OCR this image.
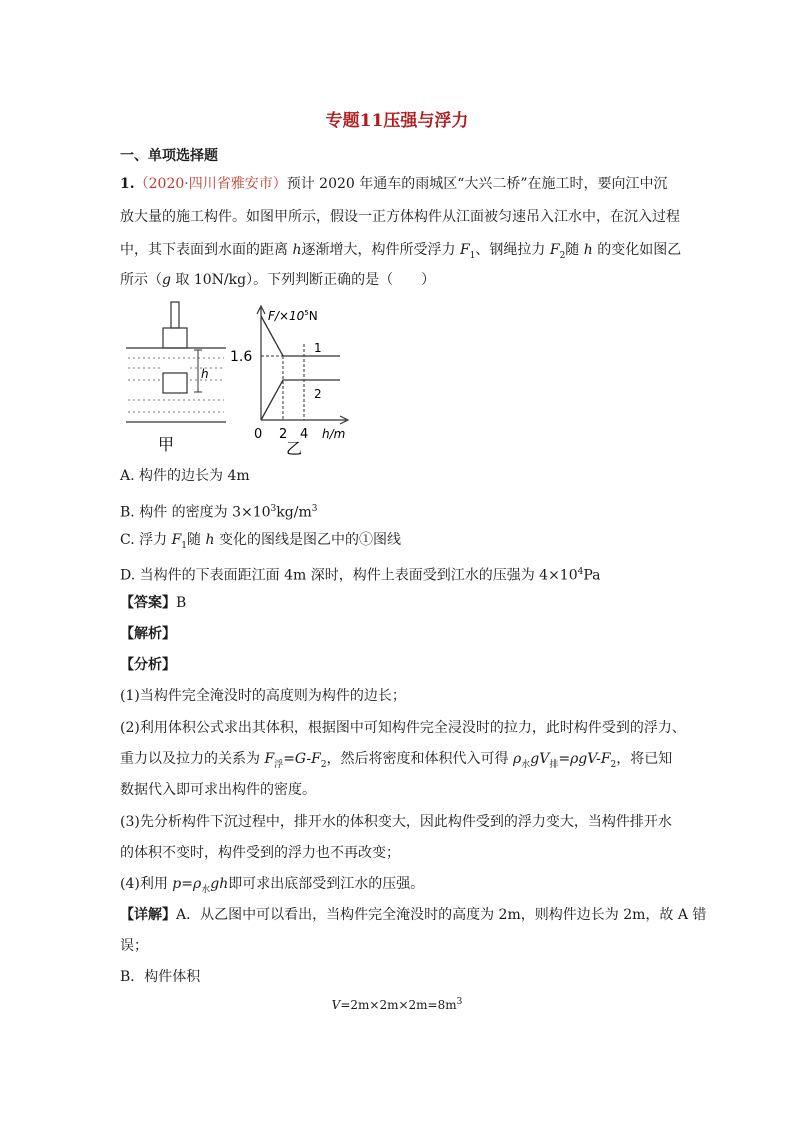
专题11压强与浮力
一、单项选择题
1.（2020·四川省雅安市）预计 2020 年通车的雨城区“大兴二桥”在施工时，要向江中沉
放大量的施工构件。如图甲所示，假设一正方体构件从江面被匀速吊入江水中，在沉入过程
中，其下表面到水面的距离 h逐渐增大，构件所受浮力 $F_1$、钢绳拉力 $F_2$随 h 的变化如图乙
所示（g 取 10N/kg）。下列判断正确的是（　　）
h
甲
$F/\times 10^5N$
1.6
1
2
0 2 4 h/m
乙
A. 构件的边长为 4m
B. 构件 的密度为 $3\times 10^3kg/m^3$
C. 浮力 $F_1$随 h 变化的图线是图乙中的①图线
D. 当构件的下表面距江面 4m 深时，构件上表面受到江水的压强为 $4\times 10^4Pa$
【答案】B
【解析】
【分析】
(1)当构件完全淹没时的高度则为构件的边长；
(2)利用体积公式求出其体积，根据图中可知构件完全浸没时的拉力，此时构件受到的浮力、
重力以及拉力的关系为 $F_浮=G-F_2$，然后将密度和体积代入可得 $\rho_水gV_排=\rho gV-F_2$，将已知
数据代入即可求出构件的密度。
(3)先分析构件下沉过程中，排开水的体积变大，因此构件受到的浮力变大，当构件排开水
的体积不变时，构件受到的浮力也不再改变；
(4)利用 $p=\rho_水gh$即可求出底部受到江水的压强。
【详解】A．从乙图中可以看出，当构件完全淹没时的高度为 2m，则构件边长为 2m，故 A 错
误；
B．构件体积
$V=2m\times 2m\times 2m=8m^3$
